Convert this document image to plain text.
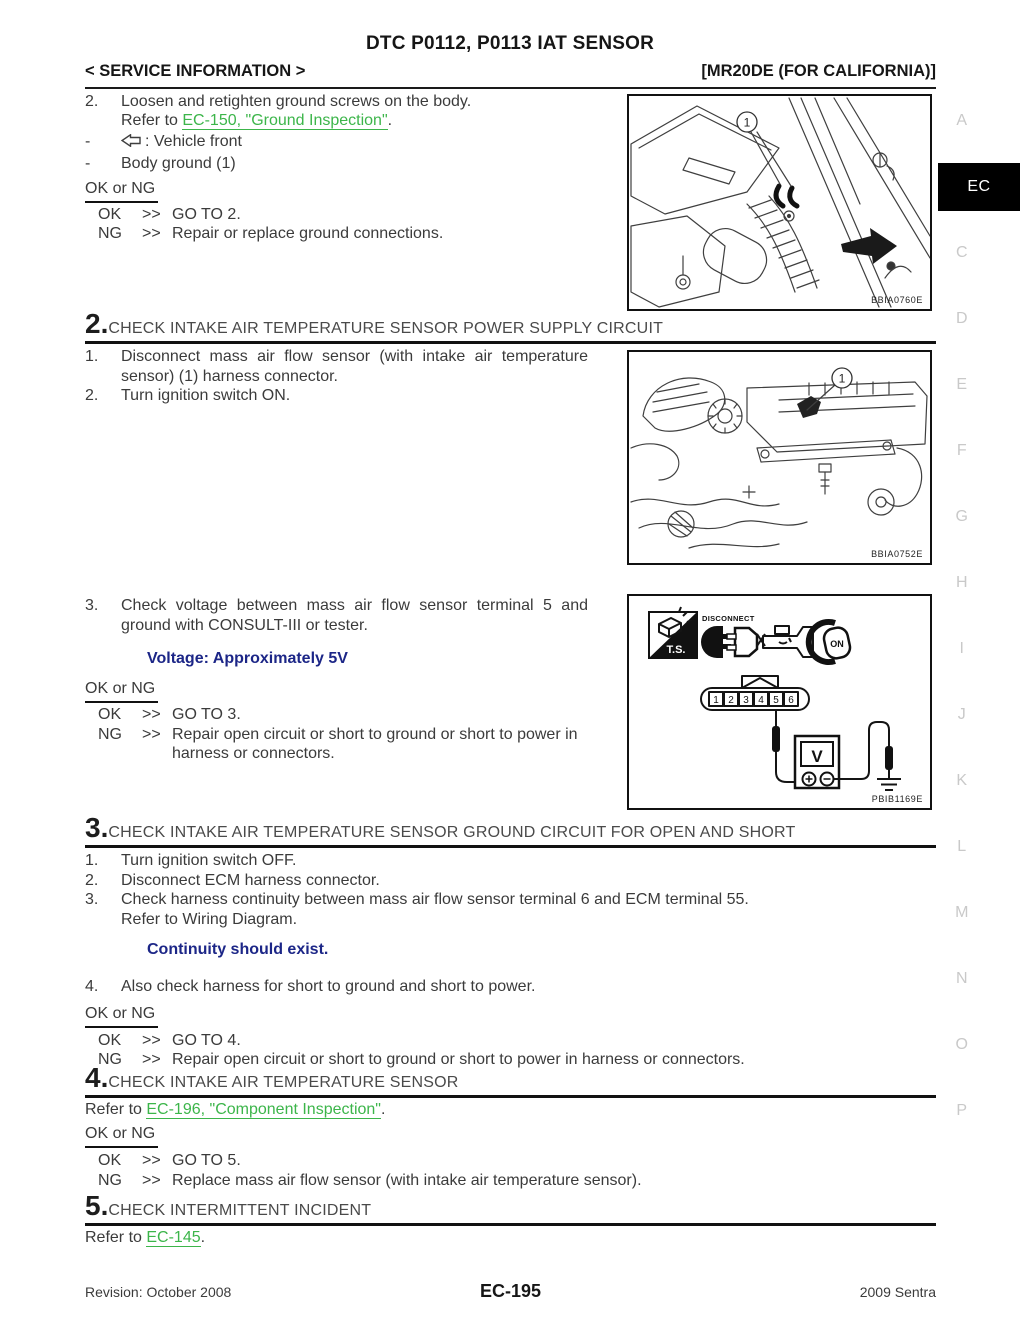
DTC P0112, P0113 IAT SENSOR
< SERVICE INFORMATION >	[MR20DE (FOR CALIFORNIA)]
2.	Loosen and retighten ground screws on the body.
Refer to EC-150, "Ground Inspection".
-	: Vehicle front
-	Body ground (1)
OK or NG
OK	>> GO TO 2.
NG	>> Repair or replace ground connections.
1
BBIA0760E
2.CHECK INTAKE AIR TEMPERATURE SENSOR POWER SUPPLY CIRCUIT
1.	Disconnect mass air flow sensor (with intake air temperature sensor) (1) harness connector.
2.	Turn ignition switch ON.
1
BBIA0752E
3.	Check voltage between mass air flow sensor terminal 5 and ground with CONSULT-III or tester.
Voltage: Approximately 5V
OK or NG
OK	>> GO TO 3.
NG	>> Repair open circuit or short to ground or short to power in harness or connectors.
T.S.
DISCONNECT
ON
1 2 3 4 5 6
V
PBIB1169E
3.CHECK INTAKE AIR TEMPERATURE SENSOR GROUND CIRCUIT FOR OPEN AND SHORT
1.	Turn ignition switch OFF.
2.	Disconnect ECM harness connector.
3.	Check harness continuity between mass air flow sensor terminal 6 and ECM terminal 55.
Refer to Wiring Diagram.
Continuity should exist.
4.	Also check harness for short to ground and short to power.
OK or NG
OK	>> GO TO 4.
NG	>> Repair open circuit or short to ground or short to power in harness or connectors.
4.CHECK INTAKE AIR TEMPERATURE SENSOR
Refer to EC-196, "Component Inspection".
OK or NG
OK	>> GO TO 5.
NG	>> Replace mass air flow sensor (with intake air temperature sensor).
5.CHECK INTERMITTENT INCIDENT
Refer to EC-145.
Revision: October 2008	EC-195	2009 Sentra
A
EC
C
D
E
F
G
H
I
J
K
L
M
N
O
P
